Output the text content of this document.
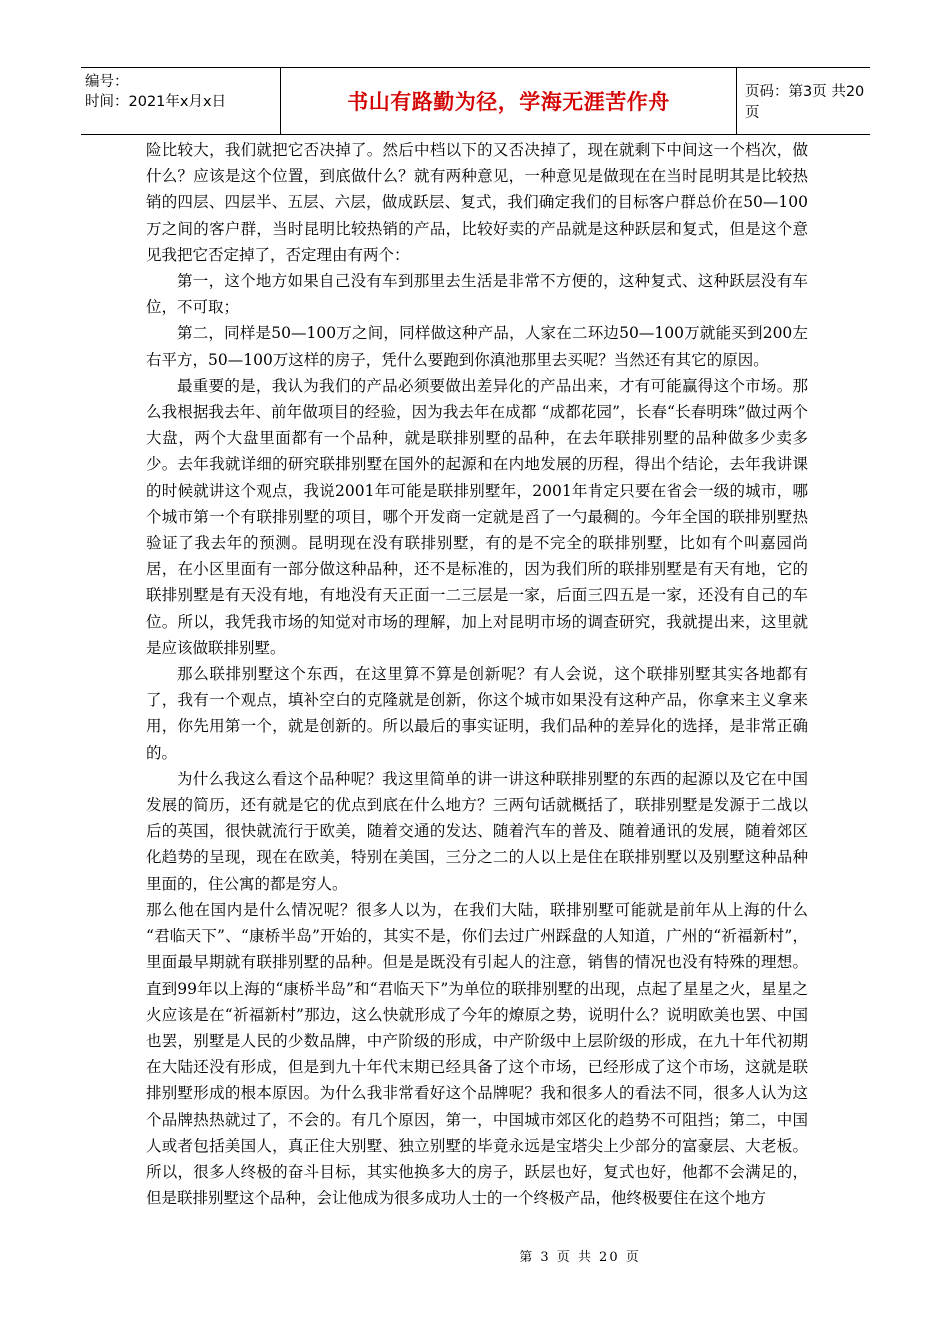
编号：
时间：2021年x月x日	书山有路勤为径，学海无涯苦作舟	页码：第3页 共20页

险比较大，我们就把它否决掉了。然后中档以下的又否决掉了，现在就剩下中间这一个档次，做什么？应该是这个位置，到底做什么？就有两种意见，一种意见是做现在在当时昆明其是比较热销的四层、四层半、五层、六层，做成跃层、复式，我们确定我们的目标客户群总价在50—100万之间的客户群，当时昆明比较热销的产品，比较好卖的产品就是这种跃层和复式，但是这个意见我把它否定掉了，否定理由有两个：

第一，这个地方如果自己没有车到那里去生活是非常不方便的，这种复式、这种跃层没有车位，不可取；

第二，同样是50—100万之间，同样做这种产品，人家在二环边50—100万就能买到200左右平方，50—100万这样的房子，凭什么要跑到你滇池那里去买呢？当然还有其它的原因。

最重要的是，我认为我们的产品必须要做出差异化的产品出来，才有可能赢得这个市场。那么我根据我去年、前年做项目的经验，因为我去年在成都 “成都花园”，长春“长春明珠”做过两个大盘，两个大盘里面都有一个品种，就是联排别墅的品种，在去年联排别墅的品种做多少卖多少。去年我就详细的研究联排别墅在国外的起源和在内地发展的历程，得出个结论，去年我讲课的时候就讲这个观点，我说2001年可能是联排别墅年，2001年肯定只要在省会一级的城市，哪个城市第一个有联排别墅的项目，哪个开发商一定就是舀了一勺最稠的。今年全国的联排别墅热验证了我去年的预测。昆明现在没有联排别墅，有的是不完全的联排别墅，比如有个叫嘉园尚居，在小区里面有一部分做这种品种，还不是标准的，因为我们所的联排别墅是有天有地，它的联排别墅是有天没有地，有地没有天正面一二三层是一家，后面三四五是一家，还没有自己的车位。所以，我凭我市场的知觉对市场的理解，加上对昆明市场的调查研究，我就提出来，这里就是应该做联排别墅。

那么联排别墅这个东西，在这里算不算是创新呢？有人会说，这个联排别墅其实各地都有了，我有一个观点，填补空白的克隆就是创新，你这个城市如果没有这种产品，你拿来主义拿来用，你先用第一个，就是创新的。所以最后的事实证明，我们品种的差异化的选择，是非常正确的。

为什么我这么看这个品种呢？我这里简单的讲一讲这种联排别墅的东西的起源以及它在中国发展的简历，还有就是它的优点到底在什么地方？三两句话就概括了，联排别墅是发源于二战以后的英国，很快就流行于欧美，随着交通的发达、随着汽车的普及、随着通讯的发展，随着郊区化趋势的呈现，现在在欧美，特别在美国，三分之二的人以上是住在联排别墅以及别墅这种品种里面的，住公寓的都是穷人。

那么他在国内是什么情况呢？很多人以为，在我们大陆，联排别墅可能就是前年从上海的什么 “君临天下”、“康桥半岛”开始的，其实不是，你们去过广州踩盘的人知道，广州的“祈福新村”，里面最早期就有联排别墅的品种。但是是既没有引起人的注意，销售的情况也没有特殊的理想。直到99年以上海的“康桥半岛”和“君临天下”为单位的联排别墅的出现，点起了星星之火，星星之火应该是在“祈福新村”那边，这么快就形成了今年的燎原之势，说明什么？说明欧美也罢、中国也罢，别墅是人民的少数品牌，中产阶级的形成，中产阶级中上层阶级的形成，在九十年代初期在大陆还没有形成，但是到九十年代末期已经具备了这个市场，已经形成了这个市场，这就是联排别墅形成的根本原因。为什么我非常看好这个品牌呢？我和很多人的看法不同，很多人认为这个品牌热热就过了，不会的。有几个原因，第一，中国城市郊区化的趋势不可阻挡；第二，中国人或者包括美国人，真正住大别墅、独立别墅的毕竟永远是宝塔尖上少部分的富豪层、大老板。所以，很多人终极的奋斗目标，其实他换多大的房子，跃层也好，复式也好，他都不会满足的，但是联排别墅这个品种，会让他成为很多成功人士的一个终极产品，他终极要住在这个地方

第 3 页 共 20 页
